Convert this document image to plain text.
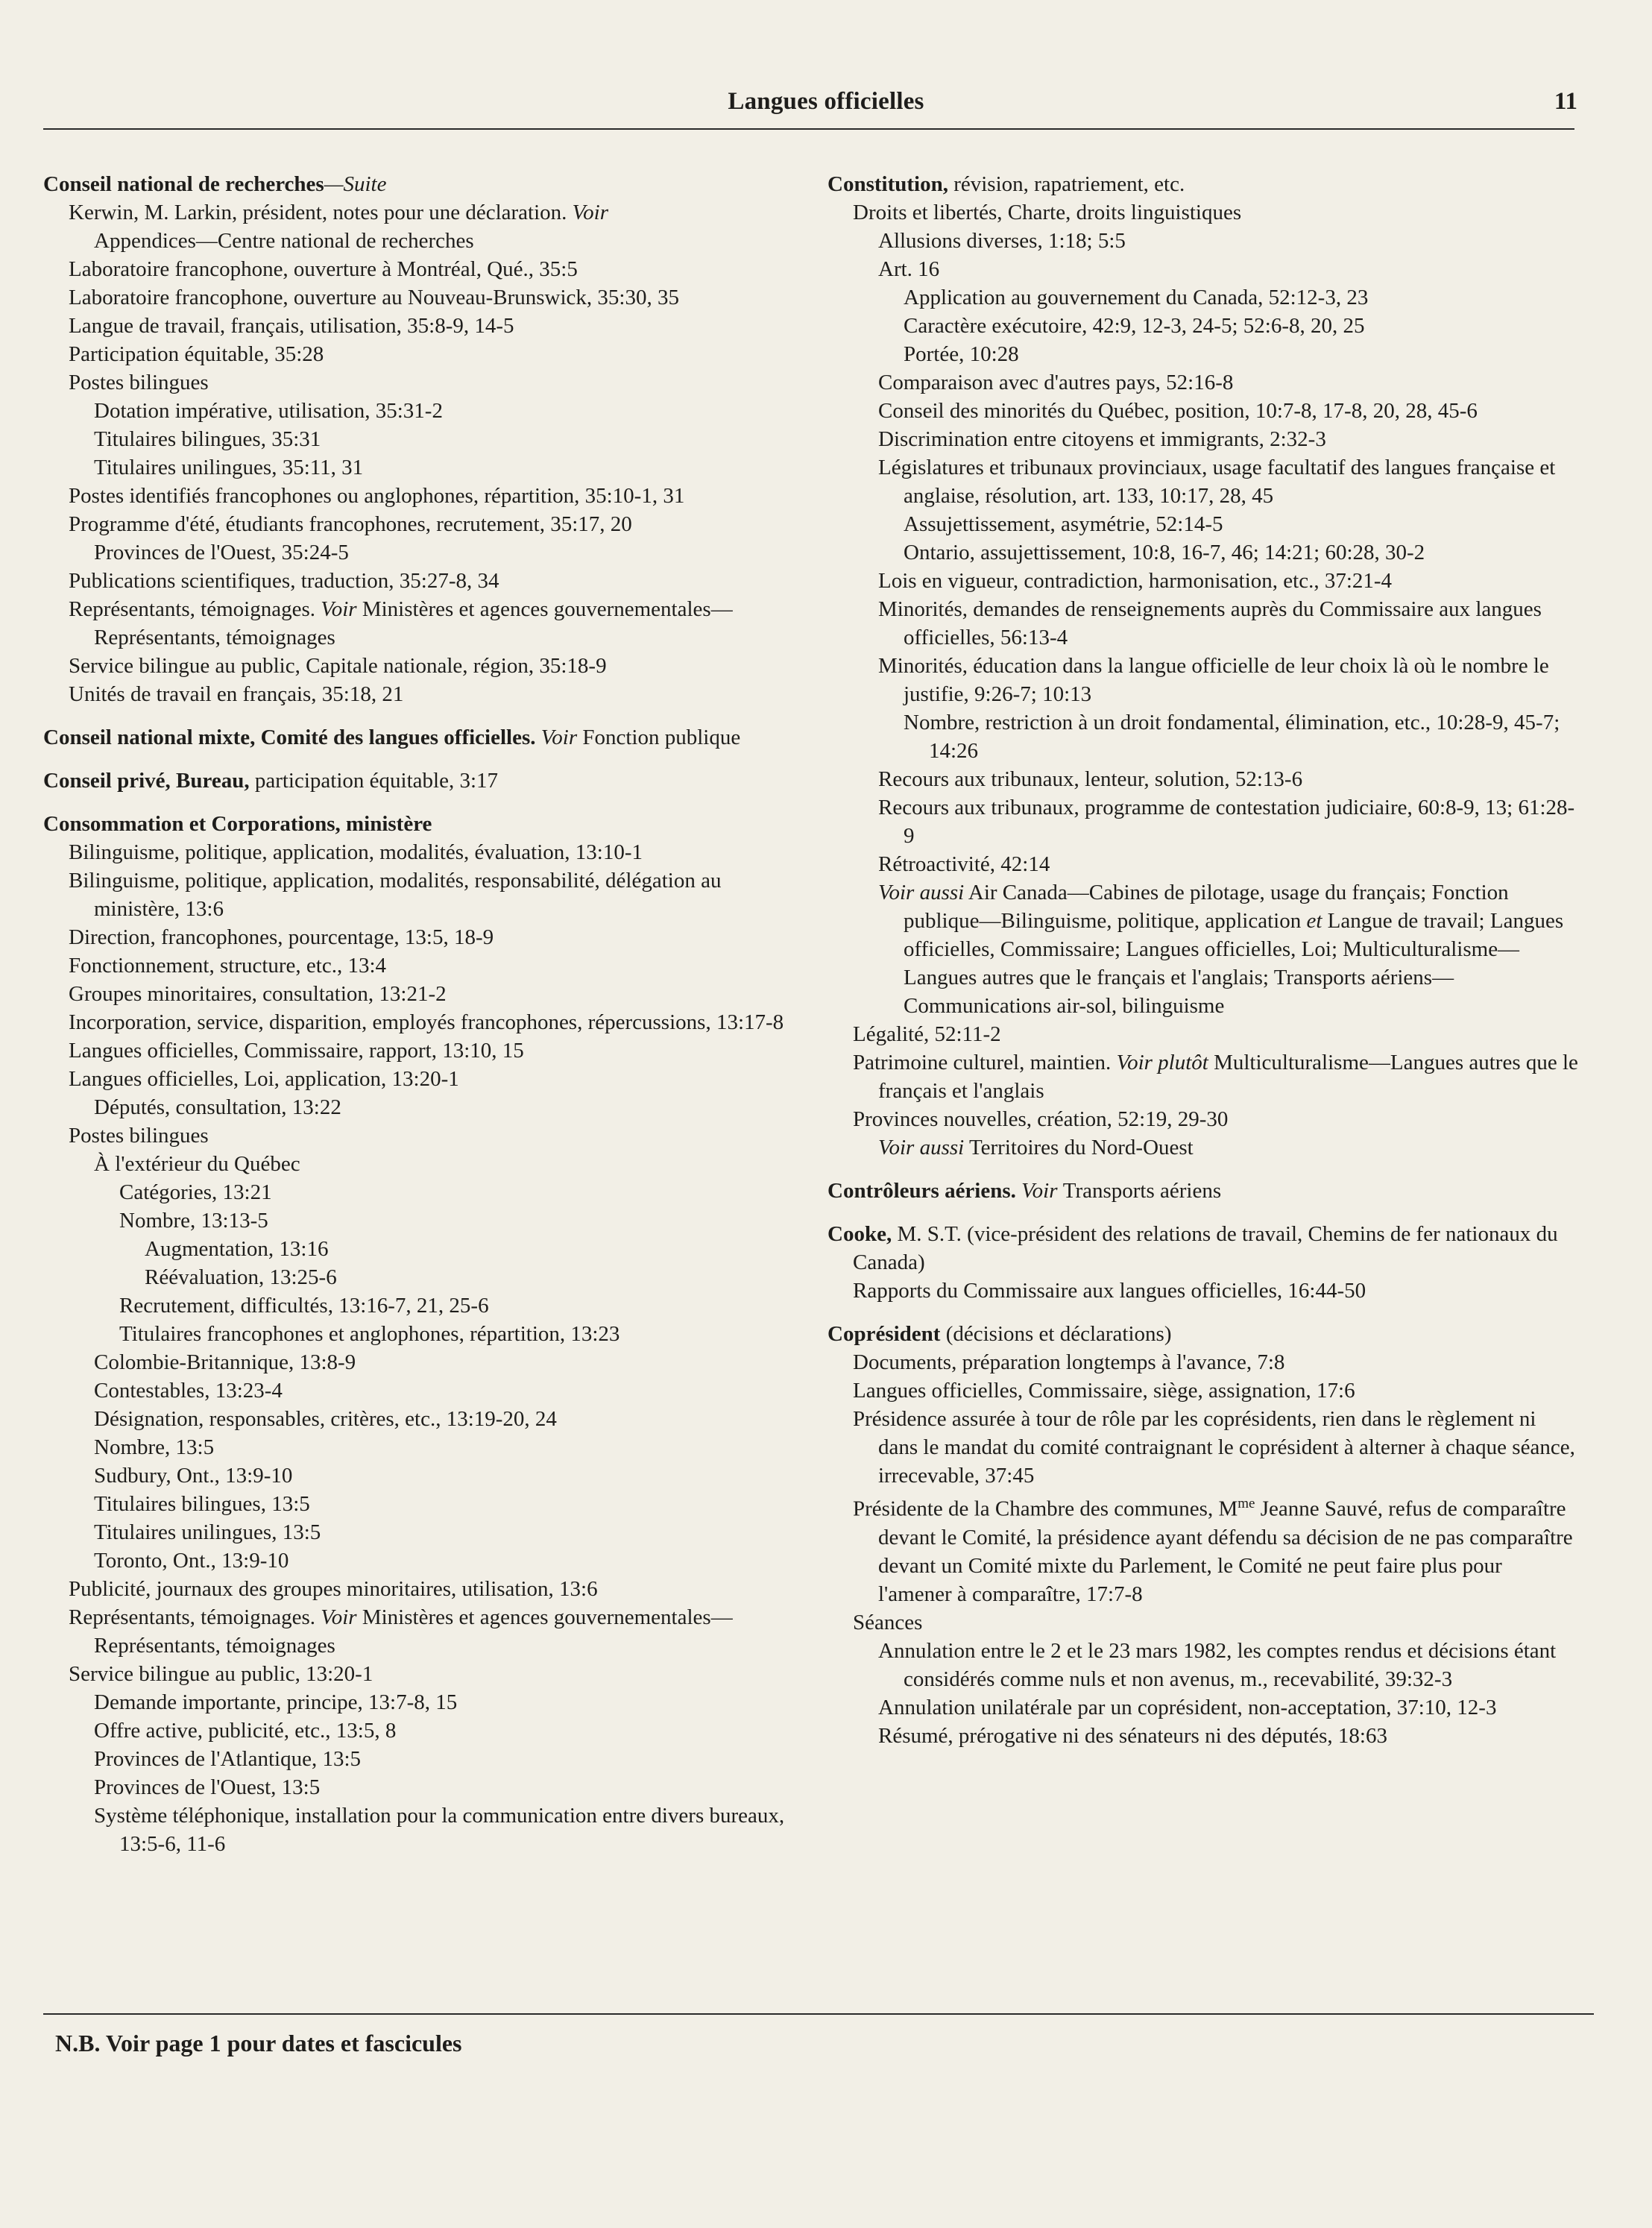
Langues officielles	11
Conseil national de recherches—Suite
Kerwin, M. Larkin, président, notes pour une déclaration. Voir
Appendices—Centre national de recherches
Laboratoire francophone, ouverture à Montréal, Qué., 35:5
Laboratoire francophone, ouverture au Nouveau-Brunswick, 35:30, 35
Langue de travail, français, utilisation, 35:8-9, 14-5
Participation équitable, 35:28
Postes bilingues
Dotation impérative, utilisation, 35:31-2
Titulaires bilingues, 35:31
Titulaires unilingues, 35:11, 31
Postes identifiés francophones ou anglophones, répartition, 35:10-1, 31
Programme d'été, étudiants francophones, recrutement, 35:17, 20
Provinces de l'Ouest, 35:24-5
Publications scientifiques, traduction, 35:27-8, 34
Représentants, témoignages. Voir Ministères et agences gouvernementales—Représentants, témoignages
Service bilingue au public, Capitale nationale, région, 35:18-9
Unités de travail en français, 35:18, 21
Conseil national mixte, Comité des langues officielles. Voir Fonction publique
Conseil privé, Bureau, participation équitable, 3:17
Consommation et Corporations, ministère
Bilinguisme, politique, application, modalités, évaluation, 13:10-1
Bilinguisme, politique, application, modalités, responsabilité, délégation au ministère, 13:6
Direction, francophones, pourcentage, 13:5, 18-9
Fonctionnement, structure, etc., 13:4
Groupes minoritaires, consultation, 13:21-2
Incorporation, service, disparition, employés francophones, répercussions, 13:17-8
Langues officielles, Commissaire, rapport, 13:10, 15
Langues officielles, Loi, application, 13:20-1
Députés, consultation, 13:22
Postes bilingues
À l'extérieur du Québec
Catégories, 13:21
Nombre, 13:13-5
Augmentation, 13:16
Réévaluation, 13:25-6
Recrutement, difficultés, 13:16-7, 21, 25-6
Titulaires francophones et anglophones, répartition, 13:23
Colombie-Britannique, 13:8-9
Contestables, 13:23-4
Désignation, responsables, critères, etc., 13:19-20, 24
Nombre, 13:5
Sudbury, Ont., 13:9-10
Titulaires bilingues, 13:5
Titulaires unilingues, 13:5
Toronto, Ont., 13:9-10
Publicité, journaux des groupes minoritaires, utilisation, 13:6
Représentants, témoignages. Voir Ministères et agences gouvernementales—Représentants, témoignages
Service bilingue au public, 13:20-1
Demande importante, principe, 13:7-8, 15
Offre active, publicité, etc., 13:5, 8
Provinces de l'Atlantique, 13:5
Provinces de l'Ouest, 13:5
Système téléphonique, installation pour la communication entre divers bureaux, 13:5-6, 11-6
Constitution, révision, rapatriement, etc.
Droits et libertés, Charte, droits linguistiques
Allusions diverses, 1:18; 5:5
Art. 16
Application au gouvernement du Canada, 52:12-3, 23
Caractère exécutoire, 42:9, 12-3, 24-5; 52:6-8, 20, 25
Portée, 10:28
Comparaison avec d'autres pays, 52:16-8
Conseil des minorités du Québec, position, 10:7-8, 17-8, 20, 28, 45-6
Discrimination entre citoyens et immigrants, 2:32-3
Législatures et tribunaux provinciaux, usage facultatif des langues française et anglaise, résolution, art. 133, 10:17, 28, 45
Assujettissement, asymétrie, 52:14-5
Ontario, assujettissement, 10:8, 16-7, 46; 14:21; 60:28, 30-2
Lois en vigueur, contradiction, harmonisation, etc., 37:21-4
Minorités, demandes de renseignements auprès du Commissaire aux langues officielles, 56:13-4
Minorités, éducation dans la langue officielle de leur choix là où le nombre le justifie, 9:26-7; 10:13
Nombre, restriction à un droit fondamental, élimination, etc., 10:28-9, 45-7; 14:26
Recours aux tribunaux, lenteur, solution, 52:13-6
Recours aux tribunaux, programme de contestation judiciaire, 60:8-9, 13; 61:28-9
Rétroactivité, 42:14
Voir aussi Air Canada—Cabines de pilotage, usage du français; Fonction publique—Bilinguisme, politique, application et Langue de travail; Langues officielles, Commissaire; Langues officielles, Loi; Multiculturalisme—Langues autres que le français et l'anglais; Transports aériens—Communications air-sol, bilinguisme
Légalité, 52:11-2
Patrimoine culturel, maintien. Voir plutôt Multiculturalisme—Langues autres que le français et l'anglais
Provinces nouvelles, création, 52:19, 29-30
Voir aussi Territoires du Nord-Ouest
Contrôleurs aériens. Voir Transports aériens
Cooke, M. S.T. (vice-président des relations de travail, Chemins de fer nationaux du Canada)
Rapports du Commissaire aux langues officielles, 16:44-50
Coprésident (décisions et déclarations)
Documents, préparation longtemps à l'avance, 7:8
Langues officielles, Commissaire, siège, assignation, 17:6
Présidence assurée à tour de rôle par les coprésidents, rien dans le règlement ni dans le mandat du comité contraignant le coprésident à alterner à chaque séance, irrecevable, 37:45
Présidente de la Chambre des communes, $M^{me}$ Jeanne Sauvé, refus de comparaître devant le Comité, la présidence ayant défendu sa décision de ne pas comparaître devant un Comité mixte du Parlement, le Comité ne peut faire plus pour l'amener à comparaître, 17:7-8
Séances
Annulation entre le 2 et le 23 mars 1982, les comptes rendus et décisions étant considérés comme nuls et non avenus, m., recevabilité, 39:32-3
Annulation unilatérale par un coprésident, non-acceptation, 37:10, 12-3
Résumé, prérogative ni des sénateurs ni des députés, 18:63
N.B. Voir page 1 pour dates et fascicules
